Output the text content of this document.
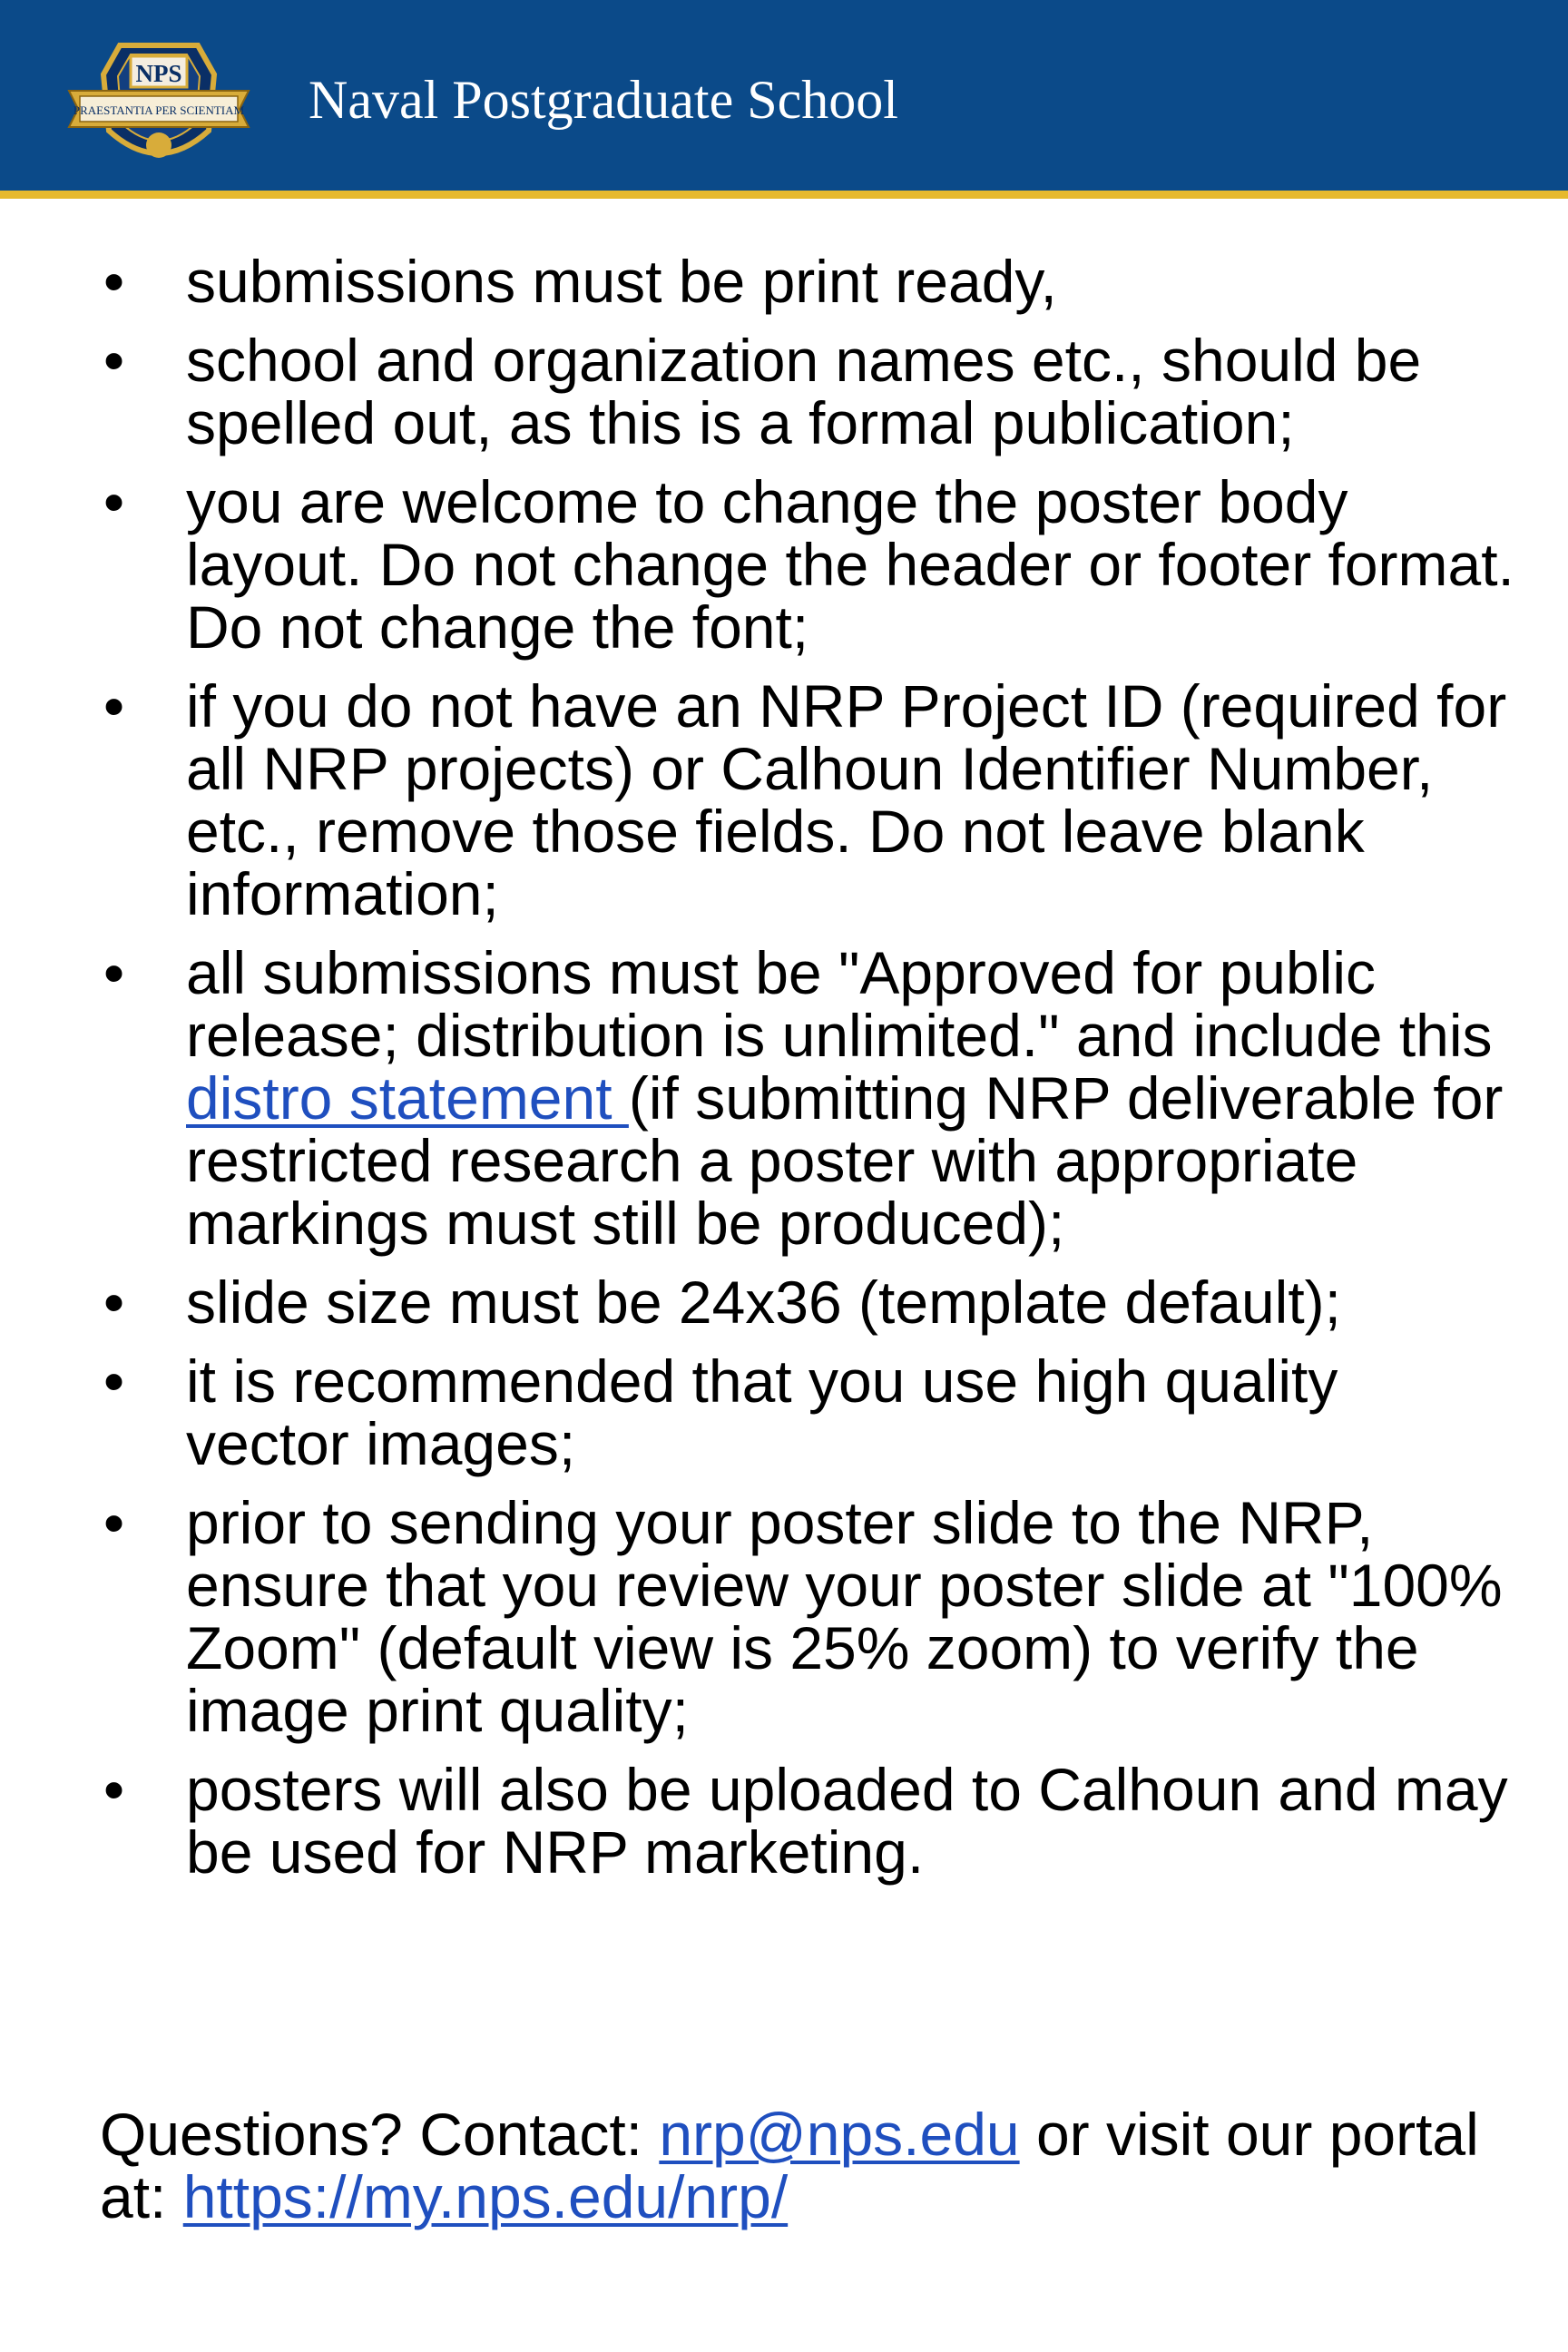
NPS
PRAESTANTIA PER SCIENTIAM Naval Postgraduate School
• submissions must be print ready,
• school and organization names etc., should be spelled out, as this is a formal publication;
• you are welcome to change the poster body layout. Do not change the header or footer format. Do not change the font;
• if you do not have an NRP Project ID (required for all NRP projects) or Calhoun Identifier Number, etc., remove those fields. Do not leave blank information;
• all submissions must be "Approved for public release; distribution is unlimited." and include this distro statement (if submitting NRP deliverable for restricted research a poster with appropriate markings must still be produced);
• slide size must be 24x36 (template default);
• it is recommended that you use high quality vector images;
• prior to sending your poster slide to the NRP, ensure that you review your poster slide at "100% Zoom" (default view is 25% zoom) to verify the image print quality;
• posters will also be uploaded to Calhoun and may be used for NRP marketing.
Questions? Contact: nrp@nps.edu or visit our portal at: https://my.nps.edu/nrp/
